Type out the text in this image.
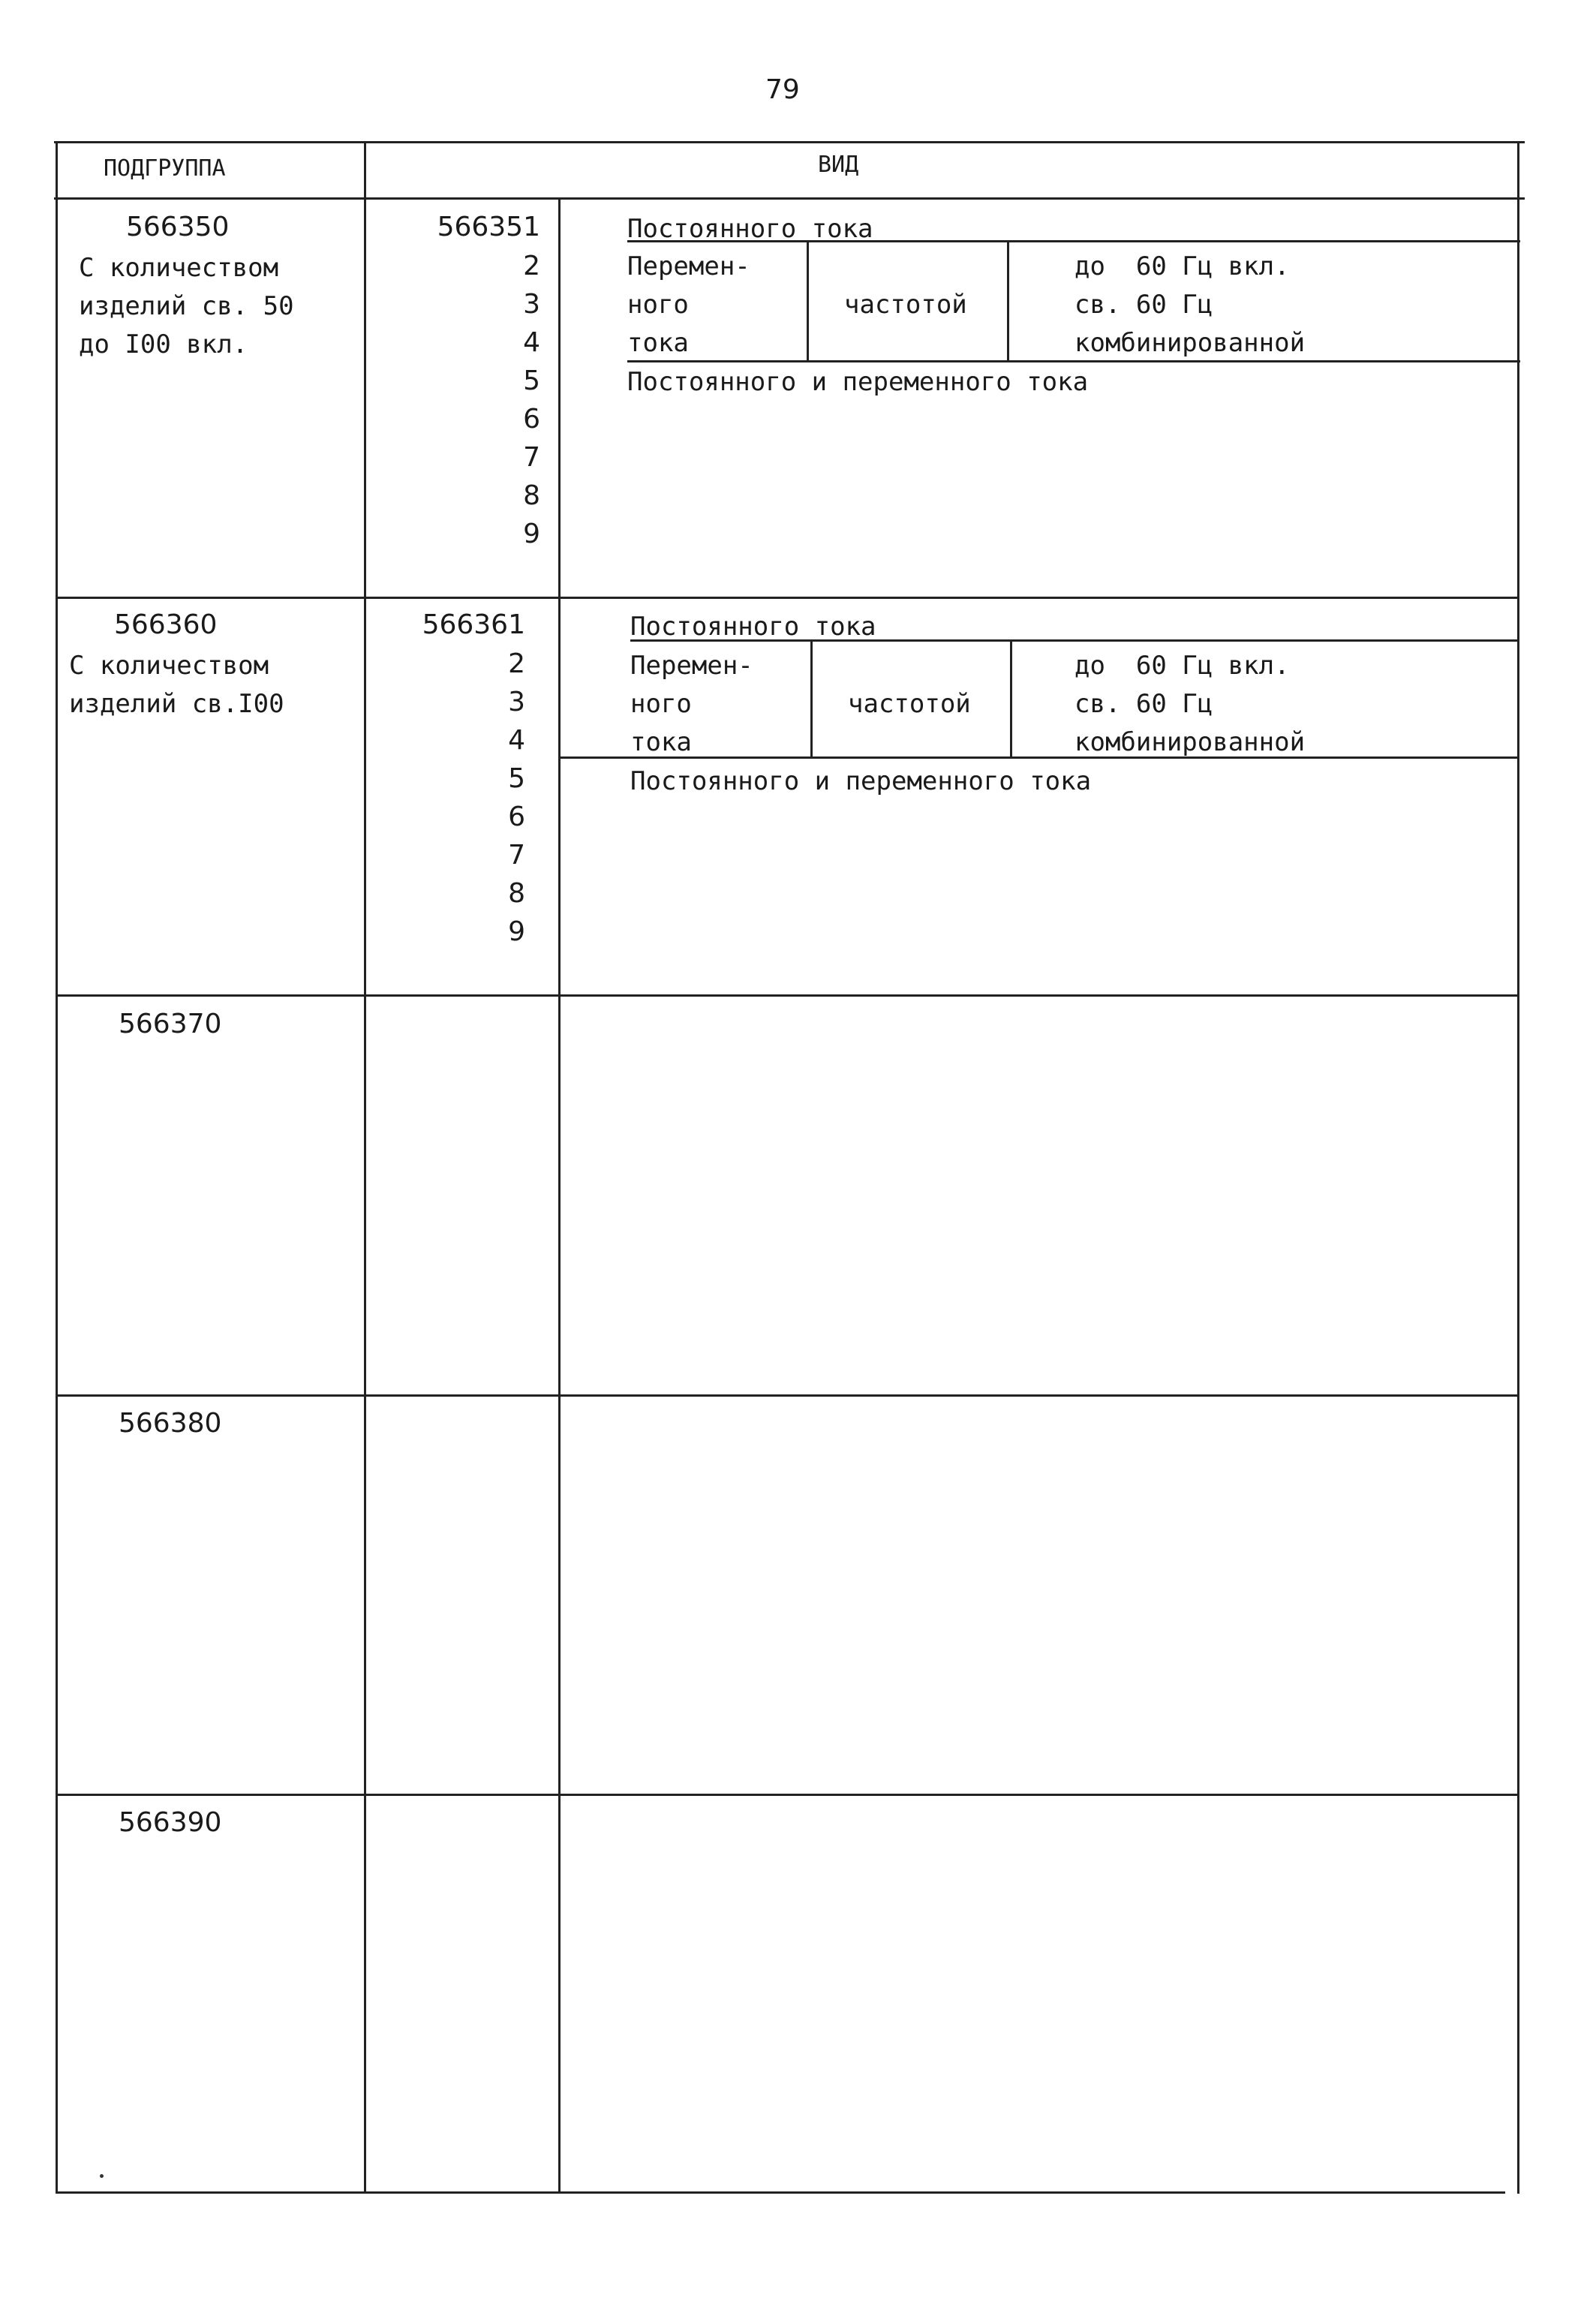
79
ПОДГРУППА	ВИД
566350
С количеством
изделий св. 50
до I00 вкл.
566351
2
3
4
5
6
7
8
9
Постоянного тока
Перемен-
ного
тока
частотой
до  60 Гц вкл.
св. 60 Гц
комбинированной
Постоянного и переменного тока
566360
С количеством
изделий св.I00
566361
2
3
4
5
6
7
8
9
Постоянного тока
Перемен-
ного
тока
частотой
до  60 Гц вкл.
св. 60 Гц
комбинированной
Постоянного и переменного тока
566370
566380
566390
